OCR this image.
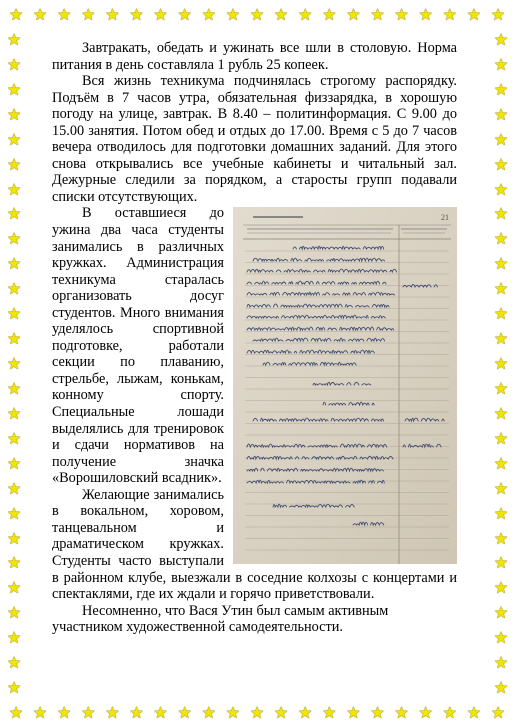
★
★
★
★
★
★
★
★
★
★
★
★
★
★
★
★
★
★
★
★
★
★
★
★
★
★
★
★
★
★
★
★
★
★
★
★
★
★
★
★
★
★
★	★
★	★
★	★
★	★
★	★
★	★
★	★
★	★
★	★
★	★
★	★
★	★
★	★
★	★
★	★
★	★
★	★
★	★
★	★
★	★
★	★
★	★
★	★
★	★
★	★
★	★
★	★

Завтракать, обедать и ужинать все шли в столовую. Норма питания в день составляла 1 рубль 25 копеек.

Вся жизнь техникума подчинялась строгому распорядку. Подъём в 7 часов утра, обязательная физзарядка, в хорошую погоду на улице, завтрак. В 8.40 – политинформация. С 9.00 до 15.00 занятия. Потом обед и отдых до 17.00. Время с 5 до 7 часов вечера отводилось для подготовки домашних заданий. Для этого снова открывались все учебные кабинеты и читальный зал. Дежурные следили за порядком, а старосты групп подавали списки отсутствующих.

21

В оставшиеся до ужина два часа студенты занимались в различных кружках. Администрация техникума старалась организовать досуг студентов. Много внимания уделялось спортивной подготовке, работали секции по плаванию, стрельбе, лыжам, конькам, конному спорту. Специальные лошади выделялись для тренировок и сдачи нормативов на получение значка «Ворошиловский всадник».

Желающие занимались в вокальном, хоровом, танцевальном и драматическом кружках. Студенты часто выступали в районном клубе, выезжали в соседние колхозы с концертами и спектаклями, где их ждали и горячо приветствовали.

Несомненно, что Вася Утин был самым активным участником художественной самодеятельности.
